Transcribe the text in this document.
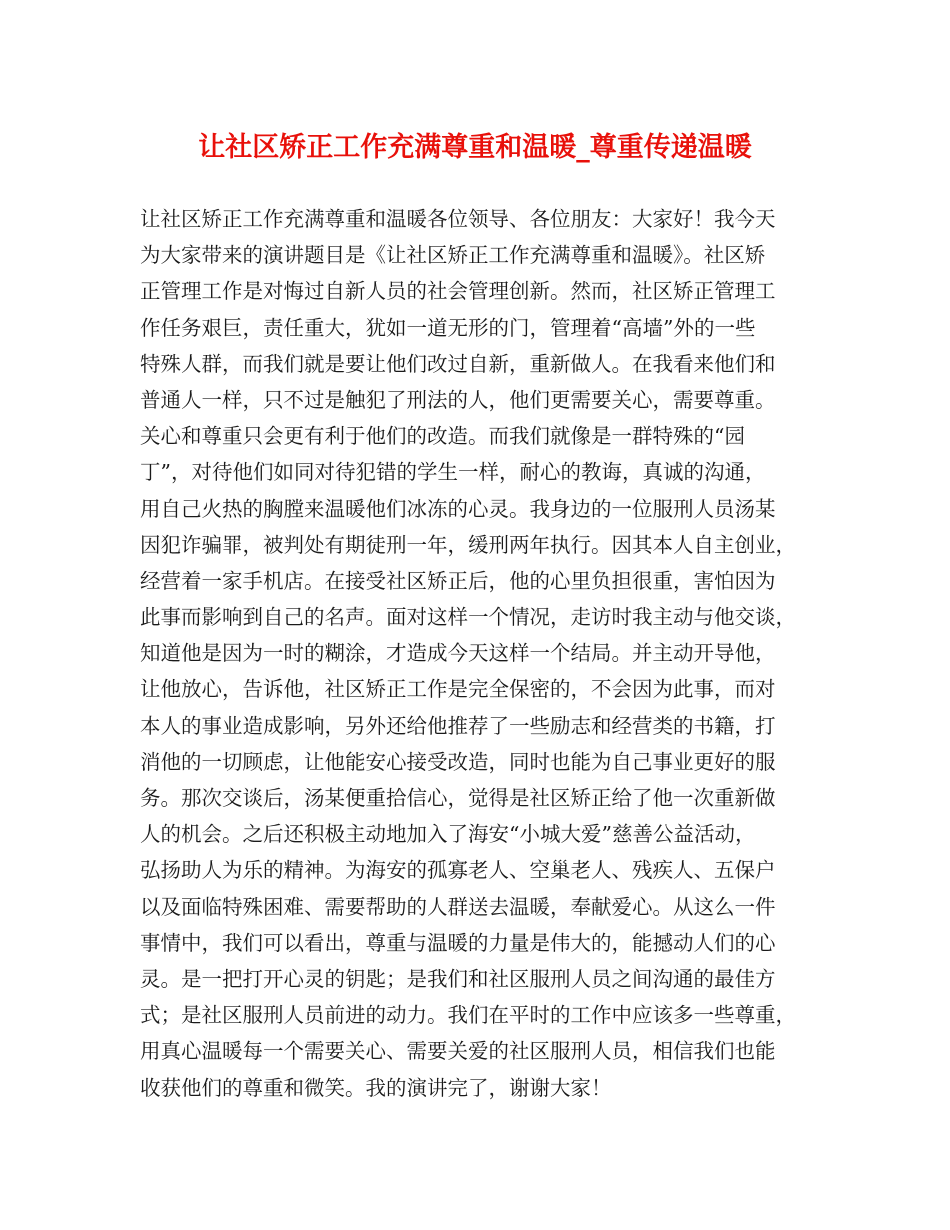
让社区矫正工作充满尊重和温暖_尊重传递温暖
让社区矫正工作充满尊重和温暖各位领导、各位朋友：大家好！我今天
为大家带来的演讲题目是《让社区矫正工作充满尊重和温暖》。社区矫
正管理工作是对悔过自新人员的社会管理创新。然而，社区矫正管理工
作任务艰巨，责任重大，犹如一道无形的门，管理着“高墙”外的一些
特殊人群，而我们就是要让他们改过自新，重新做人。在我看来他们和
普通人一样，只不过是触犯了刑法的人，他们更需要关心，需要尊重。
关心和尊重只会更有利于他们的改造。而我们就像是一群特殊的“园
丁”，对待他们如同对待犯错的学生一样，耐心的教诲，真诚的沟通，
用自己火热的胸膛来温暖他们冰冻的心灵。我身边的一位服刑人员汤某
因犯诈骗罪，被判处有期徒刑一年，缓刑两年执行。因其本人自主创业，
经营着一家手机店。在接受社区矫正后，他的心里负担很重，害怕因为
此事而影响到自己的名声。面对这样一个情况，走访时我主动与他交谈，
知道他是因为一时的糊涂，才造成今天这样一个结局。并主动开导他，
让他放心，告诉他，社区矫正工作是完全保密的，不会因为此事，而对
本人的事业造成影响，另外还给他推荐了一些励志和经营类的书籍，打
消他的一切顾虑，让他能安心接受改造，同时也能为自己事业更好的服
务。那次交谈后，汤某便重拾信心，觉得是社区矫正给了他一次重新做
人的机会。之后还积极主动地加入了海安“小城大爱”慈善公益活动，
弘扬助人为乐的精神。为海安的孤寡老人、空巢老人、残疾人、五保户
以及面临特殊困难、需要帮助的人群送去温暖，奉献爱心。从这么一件
事情中，我们可以看出，尊重与温暖的力量是伟大的，能撼动人们的心
灵。是一把打开心灵的钥匙；是我们和社区服刑人员之间沟通的最佳方
式；是社区服刑人员前进的动力。我们在平时的工作中应该多一些尊重，
用真心温暖每一个需要关心、需要关爱的社区服刑人员，相信我们也能
收获他们的尊重和微笑。我的演讲完了，谢谢大家！
